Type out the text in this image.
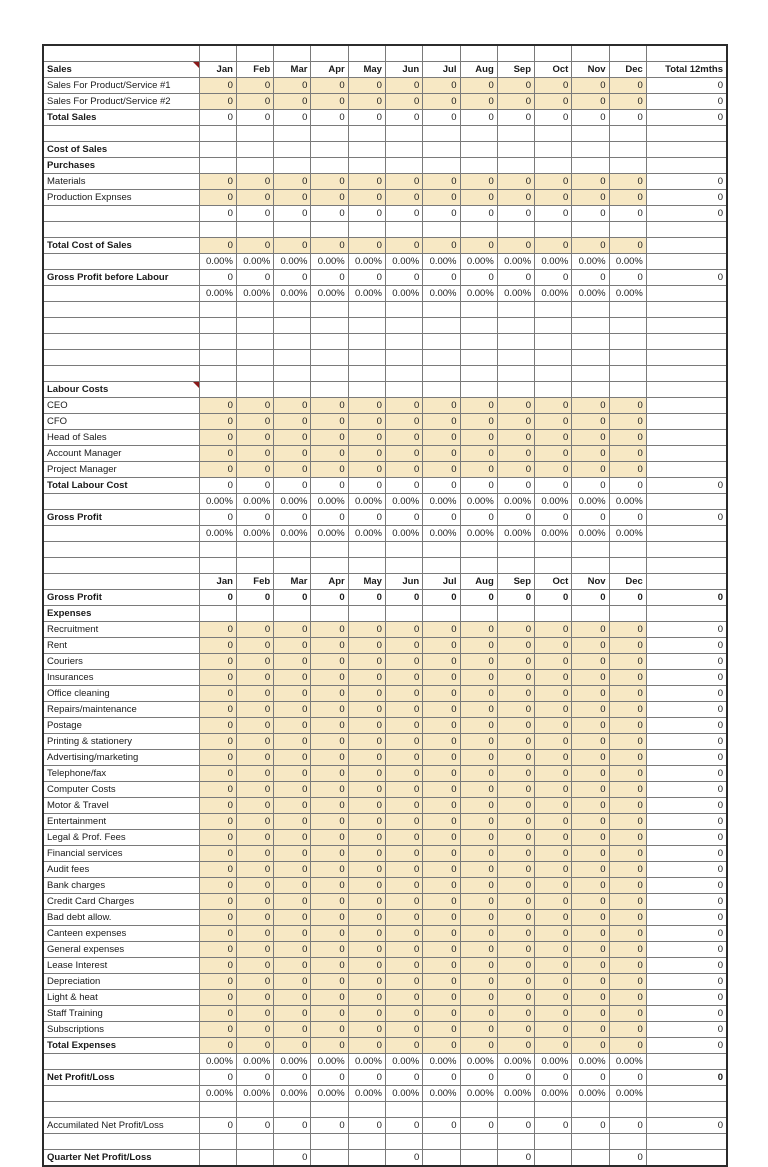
Sales	Jan	Feb	Mar	Apr	May	Jun	Jul	Aug	Sep	Oct	Nov	Dec	Total 12mths
Sales For Product/Service #1	0	0	0	0	0	0	0	0	0	0	0	0	0
Sales For Product/Service #2	0	0	0	0	0	0	0	0	0	0	0	0	0
Total Sales	0	0	0	0	0	0	0	0	0	0	0	0	0

Cost of Sales													
Purchases													
Materials	0	0	0	0	0	0	0	0	0	0	0	0	0
Production Expnses	0	0	0	0	0	0	0	0	0	0	0	0	0
	0	0	0	0	0	0	0	0	0	0	0	0	0

Total Cost of Sales	0	0	0	0	0	0	0	0	0	0	0	0	
	0.00%	0.00%	0.00%	0.00%	0.00%	0.00%	0.00%	0.00%	0.00%	0.00%	0.00%	0.00%	
Gross Profit before Labour	0	0	0	0	0	0	0	0	0	0	0	0	0
	0.00%	0.00%	0.00%	0.00%	0.00%	0.00%	0.00%	0.00%	0.00%	0.00%	0.00%	0.00%	

Labour Costs													
CEO	0	0	0	0	0	0	0	0	0	0	0	0	
CFO	0	0	0	0	0	0	0	0	0	0	0	0	
Head of Sales	0	0	0	0	0	0	0	0	0	0	0	0	
Account Manager	0	0	0	0	0	0	0	0	0	0	0	0	
Project Manager	0	0	0	0	0	0	0	0	0	0	0	0	
Total Labour Cost	0	0	0	0	0	0	0	0	0	0	0	0	0
	0.00%	0.00%	0.00%	0.00%	0.00%	0.00%	0.00%	0.00%	0.00%	0.00%	0.00%	0.00%	
Gross Profit	0	0	0	0	0	0	0	0	0	0	0	0	0
	0.00%	0.00%	0.00%	0.00%	0.00%	0.00%	0.00%	0.00%	0.00%	0.00%	0.00%	0.00%	

	Jan	Feb	Mar	Apr	May	Jun	Jul	Aug	Sep	Oct	Nov	Dec	
Gross Profit	0	0	0	0	0	0	0	0	0	0	0	0	0
Expenses													
Recruitment	0	0	0	0	0	0	0	0	0	0	0	0	0
Rent	0	0	0	0	0	0	0	0	0	0	0	0	0
Couriers	0	0	0	0	0	0	0	0	0	0	0	0	0
Insurances	0	0	0	0	0	0	0	0	0	0	0	0	0
Office cleaning	0	0	0	0	0	0	0	0	0	0	0	0	0
Repairs/maintenance	0	0	0	0	0	0	0	0	0	0	0	0	0
Postage	0	0	0	0	0	0	0	0	0	0	0	0	0
Printing & stationery	0	0	0	0	0	0	0	0	0	0	0	0	0
Advertising/marketing	0	0	0	0	0	0	0	0	0	0	0	0	0
Telephone/fax	0	0	0	0	0	0	0	0	0	0	0	0	0
Computer Costs	0	0	0	0	0	0	0	0	0	0	0	0	0
Motor & Travel	0	0	0	0	0	0	0	0	0	0	0	0	0
Entertainment	0	0	0	0	0	0	0	0	0	0	0	0	0
Legal & Prof. Fees	0	0	0	0	0	0	0	0	0	0	0	0	0
Financial services	0	0	0	0	0	0	0	0	0	0	0	0	0
Audit fees	0	0	0	0	0	0	0	0	0	0	0	0	0
Bank charges	0	0	0	0	0	0	0	0	0	0	0	0	0
Credit Card Charges	0	0	0	0	0	0	0	0	0	0	0	0	0
Bad debt allow.	0	0	0	0	0	0	0	0	0	0	0	0	0
Canteen expenses	0	0	0	0	0	0	0	0	0	0	0	0	0
General expenses	0	0	0	0	0	0	0	0	0	0	0	0	0
Lease Interest	0	0	0	0	0	0	0	0	0	0	0	0	0
Depreciation	0	0	0	0	0	0	0	0	0	0	0	0	0
Light & heat	0	0	0	0	0	0	0	0	0	0	0	0	0
Staff Training	0	0	0	0	0	0	0	0	0	0	0	0	0
Subscriptions	0	0	0	0	0	0	0	0	0	0	0	0	0
Total Expenses	0	0	0	0	0	0	0	0	0	0	0	0	0
	0.00%	0.00%	0.00%	0.00%	0.00%	0.00%	0.00%	0.00%	0.00%	0.00%	0.00%	0.00%	
Net Profit/Loss	0	0	0	0	0	0	0	0	0	0	0	0	0
	0.00%	0.00%	0.00%	0.00%	0.00%	0.00%	0.00%	0.00%	0.00%	0.00%	0.00%	0.00%	

Accumilated Net Profit/Loss	0	0	0	0	0	0	0	0	0	0	0	0	0

Quarter Net Profit/Loss			0			0			0			0	
